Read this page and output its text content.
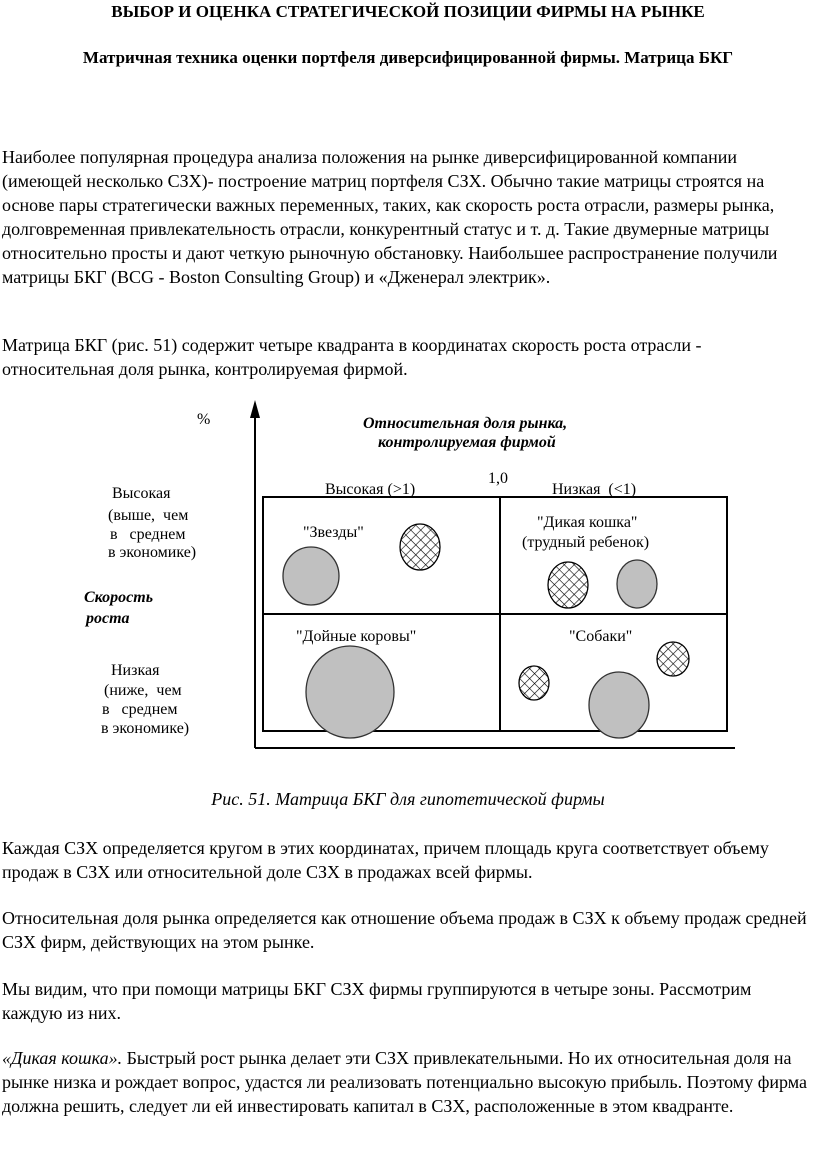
ВЫБОР И ОЦЕНКА СТРАТЕГИЧЕСКОЙ ПОЗИЦИИ ФИРМЫ НА РЫНКЕ
Матричная техника оценки портфеля диверсифицированной фирмы. Матрица БКГ

Наиболее популярная процедура анализа положения на рынке диверсифицированной компании (имеющей несколько СЗХ)- построение матриц портфеля СЗХ. Обычно такие матрицы строятся на основе пары стратегически важных переменных, таких, как скорость роста отрасли, размеры рынка, долговременная привлекательность отрасли, конкурентный статус и т. д. Такие двумерные матрицы относительно просты и дают четкую рыночную обстановку. Наибольшее распространение получили матрицы БКГ (BCG - Boston Consulting Group) и «Дженерал электрик».

Матрица БКГ (рис. 51) содержит четыре квадранта в координатах скорость роста отрасли - относительная доля рынка, контролируемая фирмой.

%	Относительная доля рынка,
контролируемая фирмой
1,0
Высокая (>1)	Низкая  (<1)
Высокая
(выше,  чем
в   среднем
в экономике)
Скорость
роста
Низкая
(ниже,  чем
в   среднем
в экономике)
"Звезды"
"Дикая кошка"
(трудный ребенок)
"Дойные коровы"	"Собаки"

Рис. 51. Матрица БКГ для гипотетической фирмы

Каждая СЗХ определяется кругом в этих координатах, причем площадь круга соответствует объему продаж в СЗХ или относительной доле СЗХ в продажах всей фирмы.

Относительная доля рынка определяется как отношение объема продаж в СЗХ к объему продаж средней СЗХ фирм, действующих на этом рынке.

Мы видим, что при помощи матрицы БКГ СЗХ фирмы группируются в четыре зоны. Рассмотрим каждую из них.

«Дикая кошка». Быстрый рост рынка делает эти СЗХ привлекательными. Но их относительная доля на рынке низка и рождает вопрос, удастся ли реализовать потенциально высокую прибыль. Поэтому фирма должна решить, следует ли ей инвестировать капитал в СЗХ, расположенные в этом квадранте.
